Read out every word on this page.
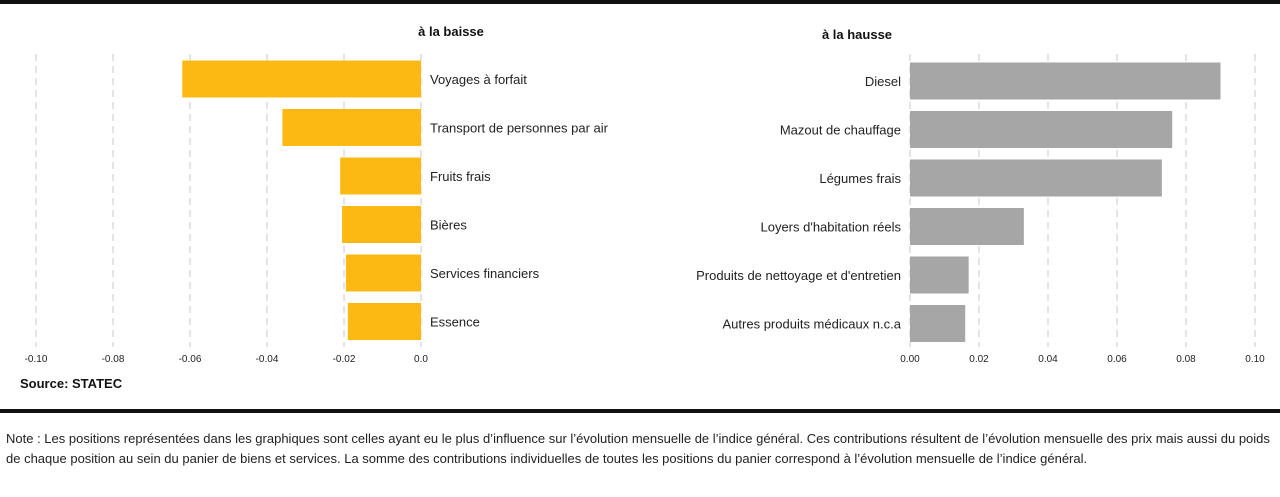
à la baisse	à la hausse
Voyages à forfait
Transport de personnes par air
Fruits frais
Bières
Services financiers
Essence
-0.10	-0.08	-0.06	-0.04	-0.02	0.0
Diesel
Mazout de chauffage
Légumes frais
Loyers d'habitation réels
Produits de nettoyage et d'entretien
Autres produits médicaux n.c.a
0.00	0.02	0.04	0.06	0.08	0.10
Source: STATEC
Note : Les positions représentées dans les graphiques sont celles ayant eu le plus d’influence sur l’évolution mensuelle de l’indice général. Ces contributions résultent de l’évolution mensuelle des prix mais aussi du poids de chaque position au sein du panier de biens et services. La somme des contributions individuelles de toutes les positions du panier correspond à l’évolution mensuelle de l’indice général.
